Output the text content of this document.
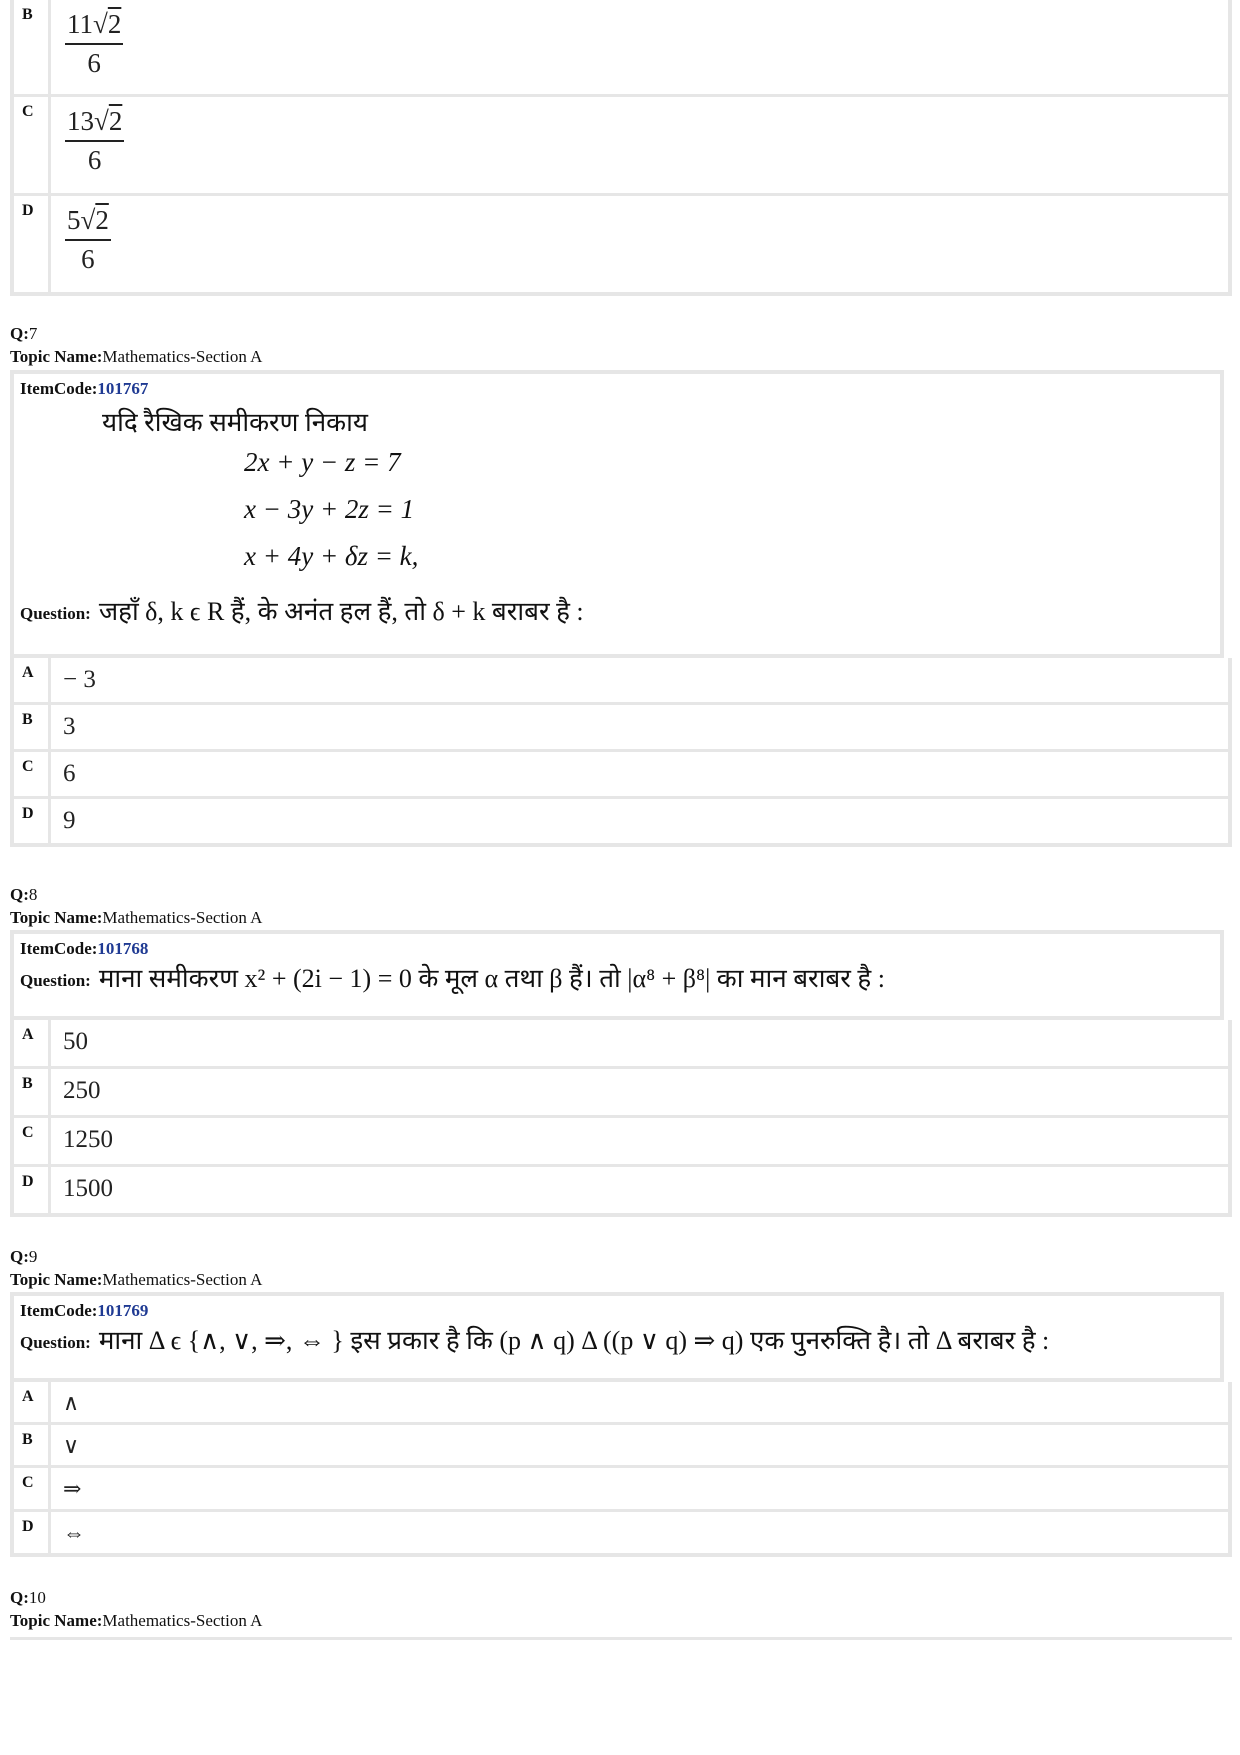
B	$\frac{11√2}{6}$
C	$\frac{13√2}{6}$
D	$\frac{5√2}{6}$
Q:7
Topic Name:Mathematics-Section A
ItemCode:101767
यदि रैखिक समीकरण निकाय
2x + y − z = 7
x − 3y + 2z = 1
x + 4y + δz = k,
Question: जहाँ δ, k ϵ R हैं, के अनंत हल हैं, तो δ + k बराबर है :
A	− 3
B	3
C	6
D	9
Q:8
Topic Name:Mathematics-Section A
ItemCode:101768
Question: माना समीकरण x² + (2i − 1) = 0 के मूल α तथा β हैं। तो |α⁸ + β⁸| का मान बराबर है :
A	50
B	250
C	1250
D	1500
Q:9
Topic Name:Mathematics-Section A
ItemCode:101769
Question: माना Δ ϵ {∧, ∨, ⇒, ⇔ } इस प्रकार है कि (p ∧ q) Δ ((p ∨ q) ⇒ q) एक पुनरुक्ति है। तो Δ बराबर है :
A	∧
B	∨
C	⇒
D	⇔
Q:10
Topic Name:Mathematics-Section A
